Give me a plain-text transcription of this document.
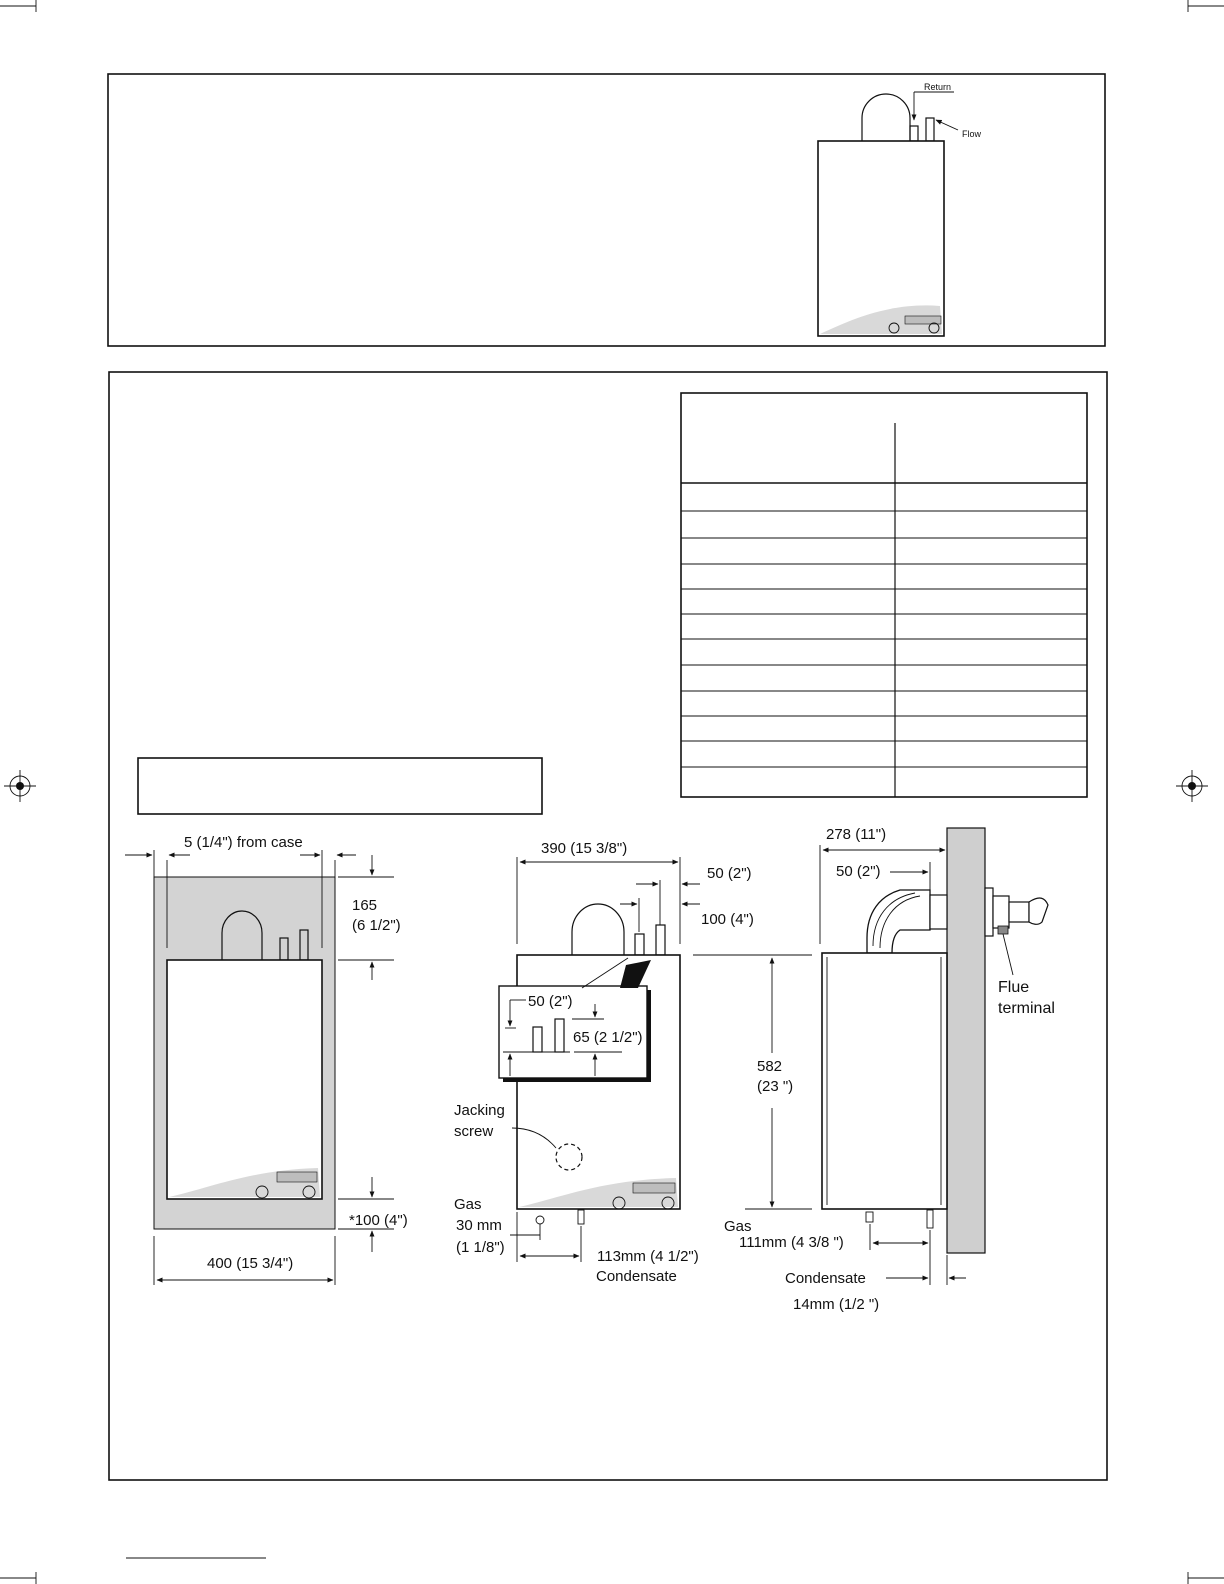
Return
Flow
5 (1/4") from case
165
(6 1/2")
*100 (4")
400 (15 3/4")
50 (2")
65 (2 1/2")
390 (15 3/8")
50 (2")
100 (4")
Jacking
screw
Gas
30 mm
(1 1/8")
113mm (4 1/2")
Condensate
278 (11")
50 (2")
582
(23 ")
Flue
terminal
Gas
111mm (4 3/8 ")
Condensate
14mm (1/2 ")
